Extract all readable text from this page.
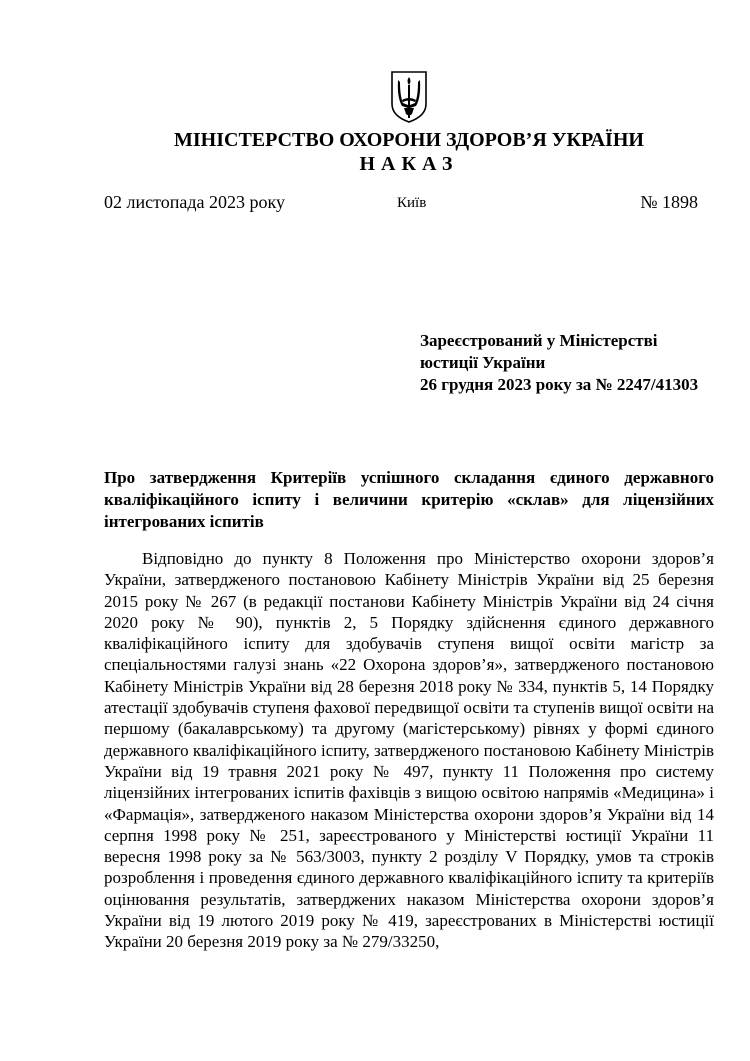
МІНІСТЕРСТВО ОХОРОНИ ЗДОРОВ’Я УКРАЇНИ
НАКАЗ
02 листопада 2023 року	Київ	№ 1898
Зареєстрований у Міністерстві
юстиції України
26 грудня 2023 року за № 2247/41303
Про затвердження Критеріїв успішного складання єдиного державного кваліфікаційного іспиту і величини критерію «склав» для ліцензійних інтегрованих іспитів
Відповідно до пункту 8 Положення про Міністерство охорони здоров’я України, затвердженого постановою Кабінету Міністрів України від 25 березня 2015 року № 267 (в редакції постанови Кабінету Міністрів України від 24 січня 2020 року № 90), пунктів 2, 5 Порядку здійснення єдиного державного кваліфікаційного іспиту для здобувачів ступеня вищої освіти магістр за спеціальностями галузі знань «22 Охорона здоров’я», затвердженого постановою Кабінету Міністрів України від 28 березня 2018 року № 334, пунктів 5, 14 Порядку атестації здобувачів ступеня фахової передвищої освіти та ступенів вищої освіти на першому (бакалаврському) та другому (магістерському) рівнях у формі єдиного державного кваліфікаційного іспиту, затвердженого постановою Кабінету Міністрів України від 19 травня 2021 року № 497, пункту 11 Положення про систему ліцензійних інтегрованих іспитів фахівців з вищою освітою напрямів «Медицина» і «Фармація», затвердженого наказом Міністерства охорони здоров’я України від 14 серпня 1998 року № 251, зареєстрованого у Міністерстві юстиції України 11 вересня 1998 року за № 563/3003, пункту 2 розділу V Порядку, умов та строків розроблення і проведення єдиного державного кваліфікаційного іспиту та критеріїв оцінювання результатів, затверджених наказом Міністерства охорони здоров’я України від 19 лютого 2019 року № 419, зареєстрованих в Міністерстві юстиції України 20 березня 2019 року за № 279/33250,
